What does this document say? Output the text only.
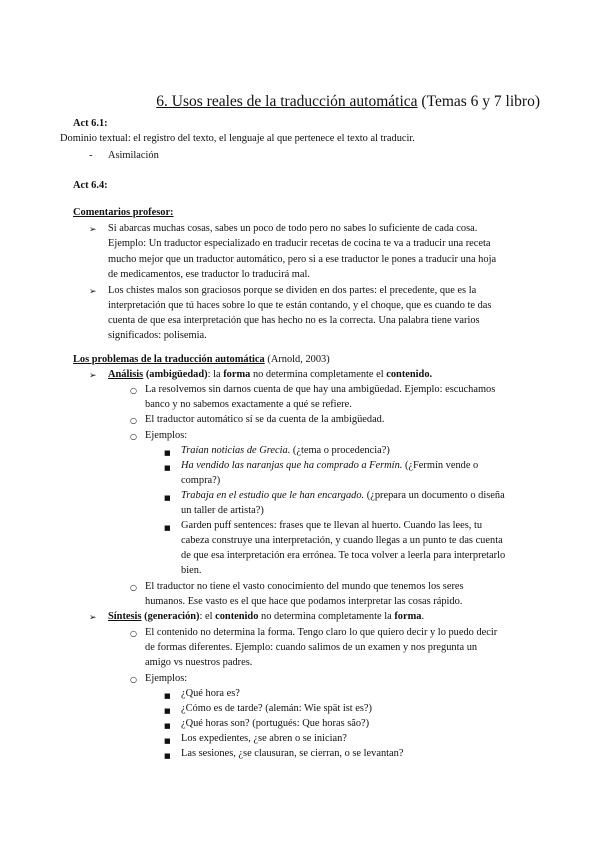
6. Usos reales de la traducción automática (Temas 6 y 7 libro)
Act 6.1:
Dominio textual: el registro del texto, el lenguaje al que pertenece el texto al traducir.
- Asimilación
Act 6.4:
Comentarios profesor:
➢ Si abarcas muchas cosas, sabes un poco de todo pero no sabes lo suficiente de cada cosa.
Ejemplo: Un traductor especializado en traducir recetas de cocina te va a traducir una receta
mucho mejor que un traductor automático, pero si a ese traductor le pones a traducir una hoja
de medicamentos, ese traductor lo traducirá mal.
➢ Los chistes malos son graciosos porque se dividen en dos partes: el precedente, que es la
interpretación que tú haces sobre lo que te están contando, y el choque, que es cuando te das
cuenta de que esa interpretación que has hecho no es la correcta. Una palabra tiene varios
significados: polisemia.
Los problemas de la traducción automática (Arnold, 2003)
➢ Análisis (ambigüedad): la forma no determina completamente el contenido.
○ La resolvemos sin darnos cuenta de que hay una ambigüedad. Ejemplo: escuchamos
banco y no sabemos exactamente a qué se refiere.
○ El traductor automático sí se da cuenta de la ambigüedad.
○ Ejemplos:
■ Traían noticias de Grecia. (¿tema o procedencia?)
■ Ha vendido las naranjas que ha comprado a Fermín. (¿Fermín vende o
compra?)
■ Trabaja en el estudio que le han encargado. (¿prepara un documento o diseña
un taller de artista?)
■ Garden puff sentences: frases que te llevan al huerto. Cuando las lees, tu
cabeza construye una interpretación, y cuando llegas a un punto te das cuenta
de que esa interpretación era errónea. Te toca volver a leerla para interpretarlo
bien.
○ El traductor no tiene el vasto conocimiento del mundo que tenemos los seres
humanos. Ese vasto es el que hace que podamos interpretar las cosas rápido.
➢ Síntesis (generación): el contenido no determina completamente la forma.
○ El contenido no determina la forma. Tengo claro lo que quiero decir y lo puedo decir
de formas diferentes. Ejemplo: cuando salimos de un examen y nos pregunta un
amigo vs nuestros padres.
○ Ejemplos:
■ ¿Qué hora es?
■ ¿Cómo es de tarde? (alemán: Wie spät ist es?)
■ ¿Qué horas son? (portugués: Que horas são?)
■ Los expedientes, ¿se abren o se inician?
■ Las sesiones, ¿se clausuran, se cierran, o se levantan?
